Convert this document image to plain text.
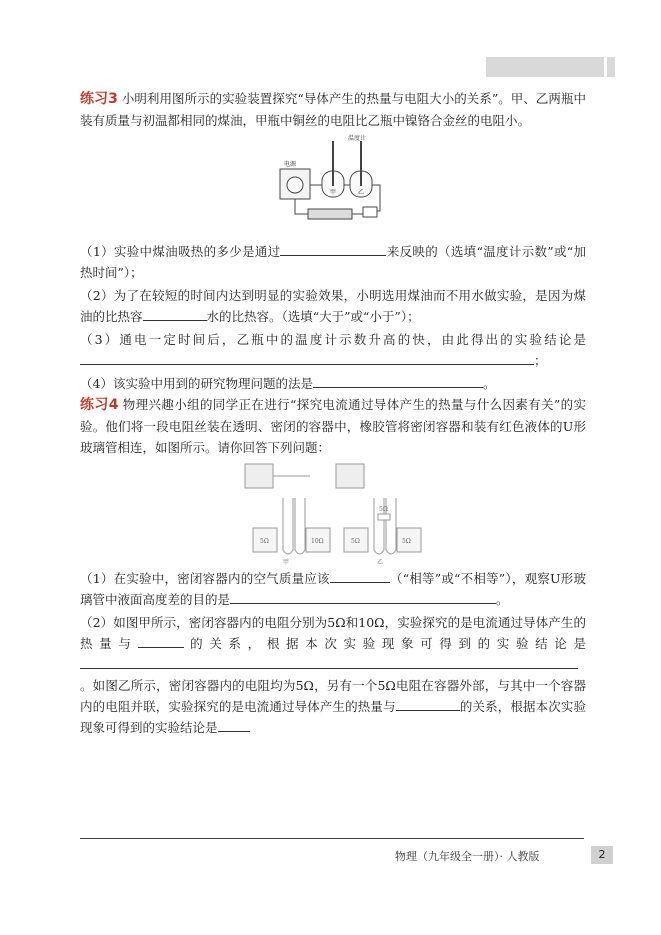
练习3 小明利用图所示的实验装置探究“导体产生的热量与电阻大小的关系”。甲、乙两瓶中装有质量与初温都相同的煤油，甲瓶中铜丝的电阻比乙瓶中镍铬合金丝的电阻小。

电源
温度计
甲	乙

（1）实验中煤油吸热的多少是通过	来反映的（选填“温度计示数”或“加热时间”）；

（2）为了在较短的时间内达到明显的实验效果，小明选用煤油而不用水做实验，是因为煤油的比热容	水的比热容。（选填“大于”或“小于”）；

（3）通电一定时间后，乙瓶中的温度计示数升高的快，由此得出的实验结论是；

（4）该实验中用到的研究物理问题的法是	。

练习4 物理兴趣小组的同学正在进行“探究电流通过导体产生的热量与什么因素有关”的实验。他们将一段电阻丝装在透明、密闭的容器中，橡胶管将密闭容器和装有红色液体的U形玻璃管相连，如图所示。请你回答下列问题：

5Ω	10Ω	5Ω	5Ω
5Ω
甲	乙

（1）在实验中，密闭容器内的空气质量应该	（“相等”或“不相等”），观察U形玻璃管中液面高度差的目的是	。

（2）如图甲所示，密闭容器内的电阻分别为5Ω和10Ω，实验探究的是电流通过导体产生的热量与	的关系，根据本次实验现象可得到的实验结论是。如图乙所示，密闭容器内的电阻均为5Ω，另有一个5Ω电阻在容器外部，与其中一个容器内的电阻并联，实验探究的是电流通过导体产生的热量与	的关系，根据本次实验现象可得到的实验结论是

物理（九年级全一册）· 人教版	2
